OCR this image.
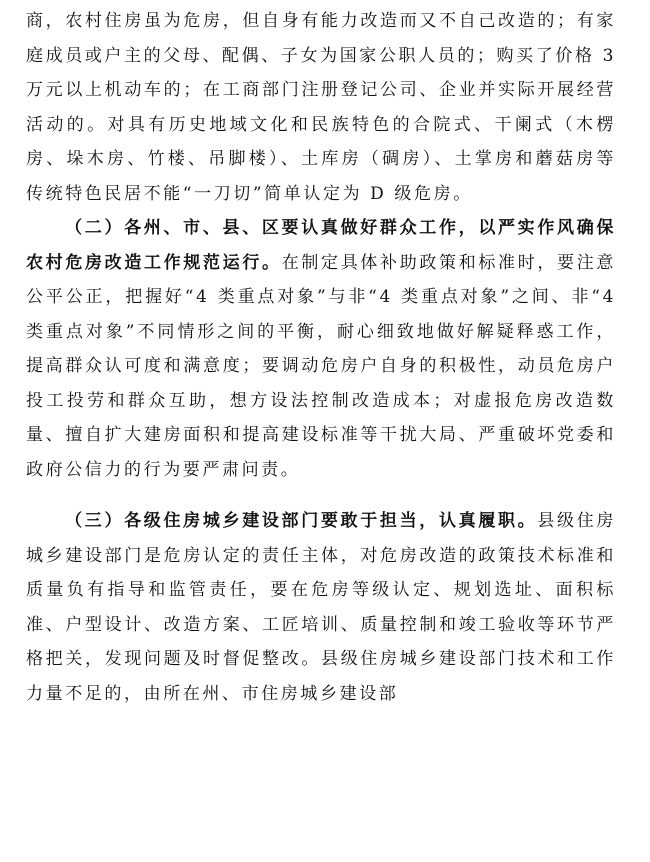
商，农村住房虽为危房，但自身有能力改造而又不自己改造的；有家庭成员或户主的父母、配偶、子女为国家公职人员的；购买了价格 3 万元以上机动车的；在工商部门注册登记公司、企业并实际开展经营活动的。对具有历史地域文化和民族特色的合院式、干阑式（木楞房、垛木房、竹楼、吊脚楼）、土库房（碉房）、土掌房和蘑菇房等传统特色民居不能“一刀切”简单认定为 D 级危房。

（二）各州、市、县、区要认真做好群众工作，以严实作风确保农村危房改造工作规范运行。在制定具体补助政策和标准时，要注意公平公正，把握好“4 类重点对象”与非“4 类重点对象”之间、非“4 类重点对象”不同情形之间的平衡，耐心细致地做好解疑释惑工作，提高群众认可度和满意度；要调动危房户自身的积极性，动员危房户投工投劳和群众互助，想方设法控制改造成本；对虚报危房改造数量、擅自扩大建房面积和提高建设标准等干扰大局、严重破坏党委和政府公信力的行为要严肃问责。

（三）各级住房城乡建设部门要敢于担当，认真履职。县级住房城乡建设部门是危房认定的责任主体，对危房改造的政策技术标准和质量负有指导和监管责任，要在危房等级认定、规划选址、面积标准、户型设计、改造方案、工匠培训、质量控制和竣工验收等环节严格把关，发现问题及时督促整改。县级住房城乡建设部门技术和工作力量不足的，由所在州、市住房城乡建设部
